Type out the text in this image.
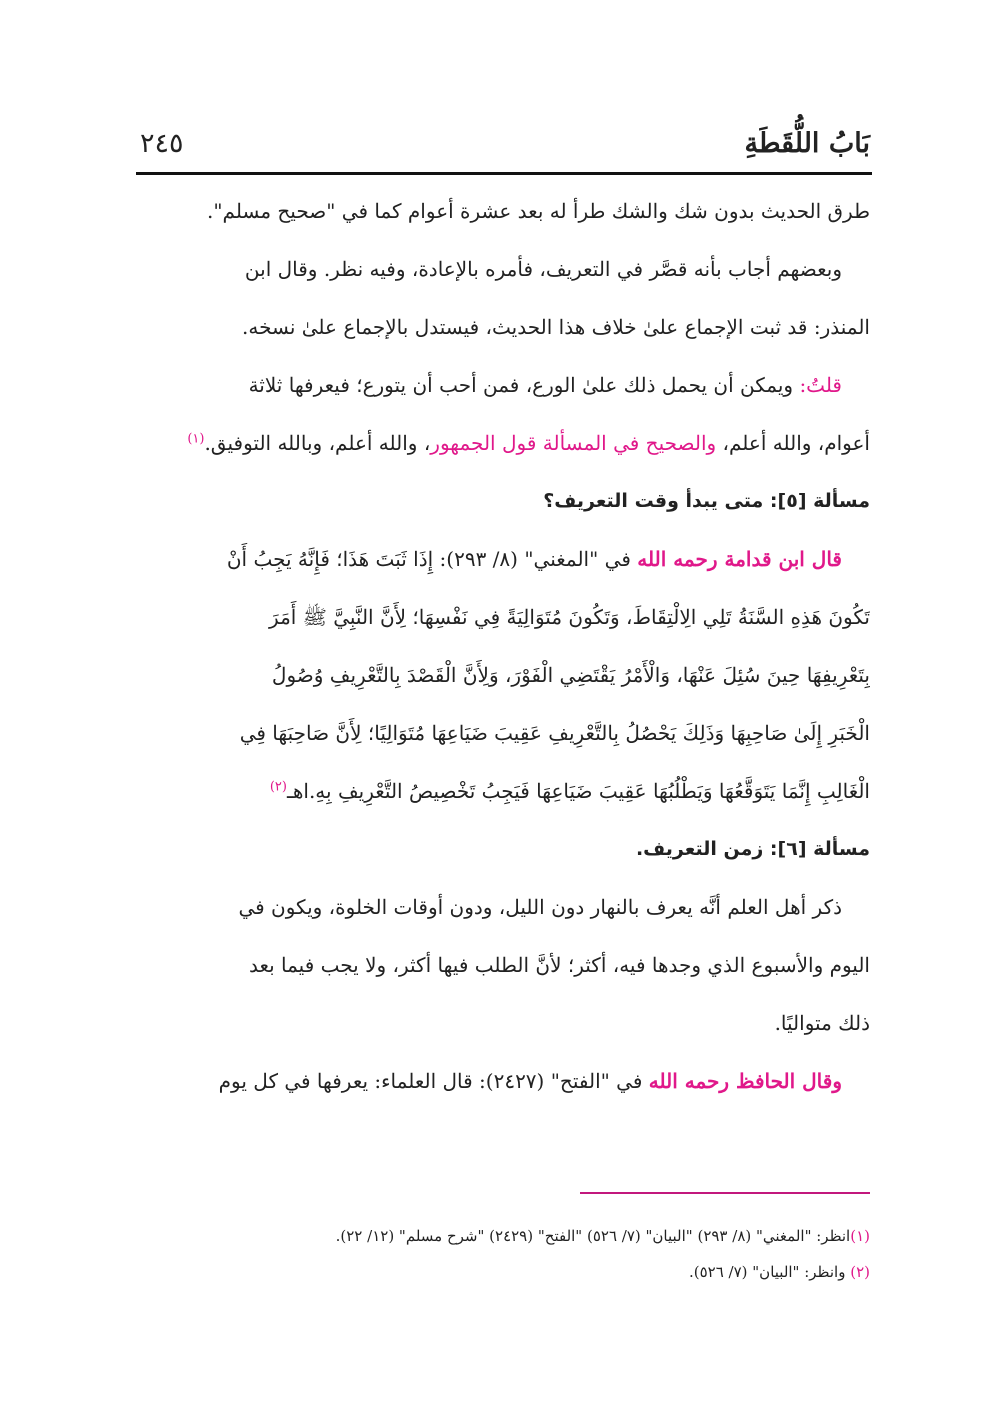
بَابُ اللُّقَطَةِ
٢٤٥
طرق الحديث بدون شك والشك طرأ له بعد عشرة أعوام كما في "صحيح مسلم".
وبعضهم أجاب بأنه قصَّر في التعريف، فأمره بالإعادة، وفيه نظر. وقال ابن
المنذر: قد ثبت الإجماع علىٰ خلاف هذا الحديث، فيستدل بالإجماع علىٰ نسخه.
قلتُ: ويمكن أن يحمل ذلك علىٰ الورع، فمن أحب أن يتورع؛ فيعرفها ثلاثة
أعوام، والله أعلم، والصحيح في المسألة قول الجمهور، والله أعلم، وبالله التوفيق.$^{(١)}$
مسألة [٥]: متى يبدأ وقت التعريف؟
قال ابن قدامة رحمه الله في "المغني" (٨/ ٢٩٣): إِذَا ثَبَتَ هَذَا؛ فَإِنَّهُ يَجِبُ أَنْ
تَكُونَ هَذِهِ السَّنَةُ تَلِي الِالْتِقَاطَ، وَتَكُونَ مُتَوَالِيَةً فِي نَفْسِهَا؛ لِأَنَّ النَّبِيَّ ﷺ أَمَرَ
بِتَعْرِيفِهَا حِينَ سُئِلَ عَنْهَا، وَالْأَمْرُ يَقْتَضِي الْفَوْرَ، وَلِأَنَّ الْقَصْدَ بِالتَّعْرِيفِ وُصُولُ
الْخَبَرِ إِلَىٰ صَاحِبِهَا وَذَلِكَ يَحْصُلُ بِالتَّعْرِيفِ عَقِيبَ ضَيَاعِهَا مُتَوَالِيًا؛ لِأَنَّ صَاحِبَهَا فِي
الْغَالِبِ إِنَّمَا يَتَوَقَّعُهَا وَيَطْلُبُهَا عَقِيبَ ضَيَاعِهَا فَيَجِبُ تَخْصِيصُ التَّعْرِيفِ بِهِ.اهـ$^{(٢)}$
مسألة [٦]: زمن التعريف.
ذكر أهل العلم أنَّه يعرف بالنهار دون الليل، ودون أوقات الخلوة، ويكون في
اليوم والأسبوع الذي وجدها فيه، أكثر؛ لأنَّ الطلب فيها أكثر، ولا يجب فيما بعد
ذلك متواليًا.
وقال الحافظ رحمه الله في "الفتح" (٢٤٢٧): قال العلماء: يعرفها في كل يوم
(١)انظر: "المغني" (٨/ ٢٩٣) "البيان" (٧/ ٥٢٦) "الفتح" (٢٤٢٩) "شرح مسلم" (١٢/ ٢٢).
(٢) وانظر: "البيان" (٧/ ٥٢٦).
